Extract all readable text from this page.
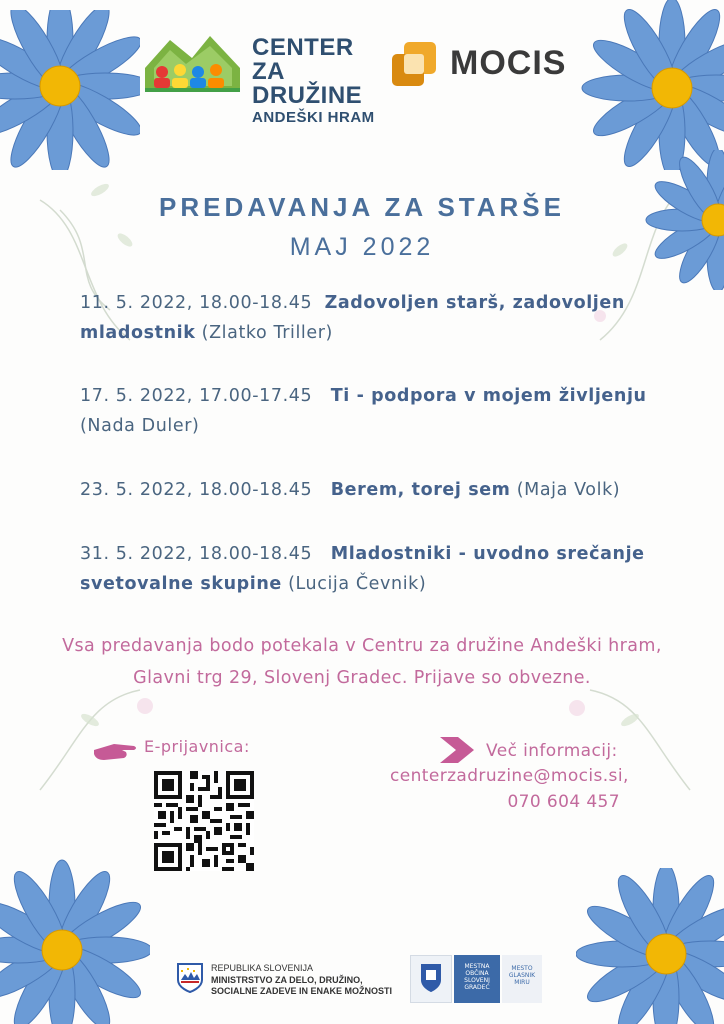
CENTER ZA
DRUŽINE
ANDEŠKI HRAM
MOCIS
PREDAVANJA ZA STARŠE
MAJ 2022
11. 5. 2022, 18.00-18.45 Zadovoljen starš, zadovoljen mladostnik (Zlatko Triller)
17. 5. 2022, 17.00-17.45 Ti - podpora v mojem življenju (Nada Duler)
23. 5. 2022, 18.00-18.45 Berem, torej sem (Maja Volk)
31. 5. 2022, 18.00-18.45 Mladostniki - uvodno srečanje svetovalne skupine (Lucija Čevnik)
Vsa predavanja bodo potekala v Centru za družine Andeški hram,
Glavni trg 29, Slovenj Gradec. Prijave so obvezne.
E-prijavnica:	Več informacij:
centerzadruzine@mocis.si,
070 604 457
REPUBLIKA SLOVENIJA
MINISTRSTVO ZA DELO, DRUŽINO,
SOCIALNE ZADEVE IN ENAKE MOŽNOSTI
MESTNA
OBČINA
SLOVENJ
GRADEC
MESTO
GLASNIK
MIRU
